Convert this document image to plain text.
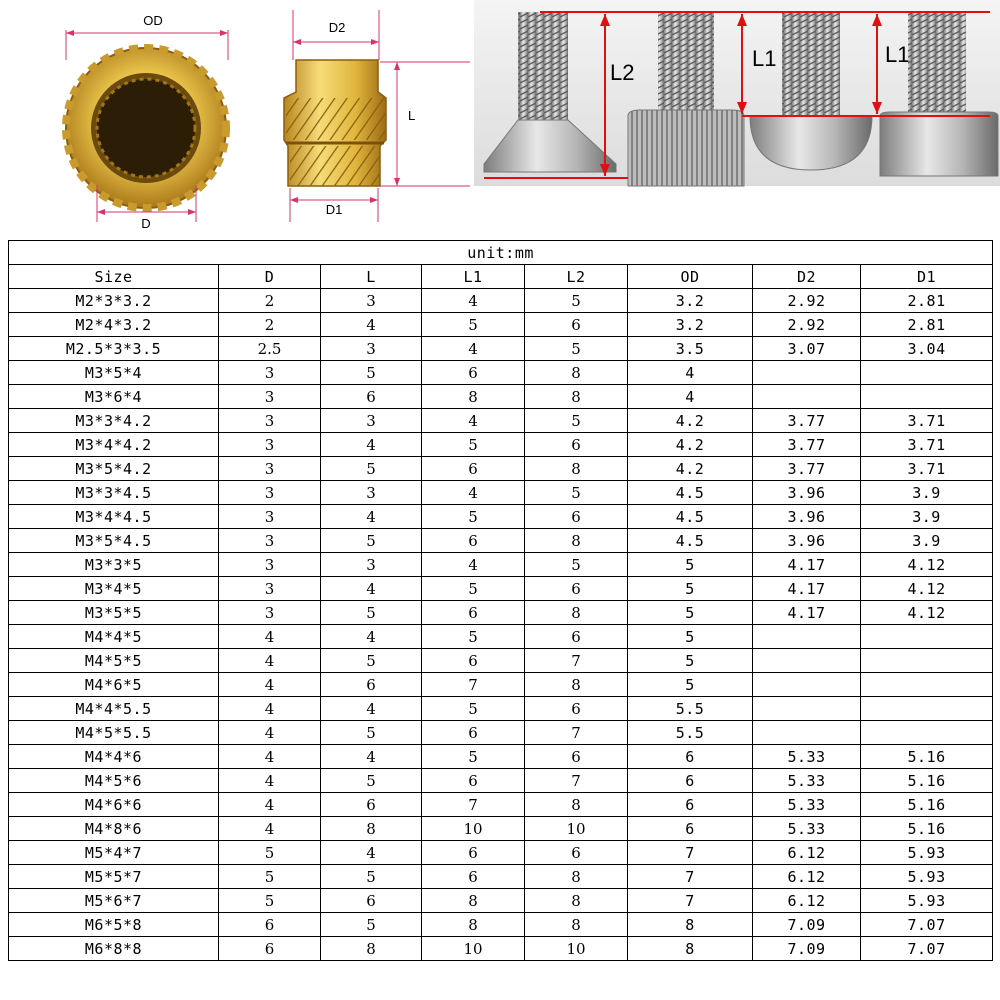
OD
D
D2
L
D1
L2
L1	L1
unit:mm							
Size	D	L	L1	L2	OD	D2	D1
M2*3*3.2	2	3	4	5	3.2	2.92	2.81
M2*4*3.2	2	4	5	6	3.2	2.92	2.81
M2.5*3*3.5	2.5	3	4	5	3.5	3.07	3.04
M3*5*4	3	5	6	8	4		
M3*6*4	3	6	8	8	4		
M3*3*4.2	3	3	4	5	4.2	3.77	3.71
M3*4*4.2	3	4	5	6	4.2	3.77	3.71
M3*5*4.2	3	5	6	8	4.2	3.77	3.71
M3*3*4.5	3	3	4	5	4.5	3.96	3.9
M3*4*4.5	3	4	5	6	4.5	3.96	3.9
M3*5*4.5	3	5	6	8	4.5	3.96	3.9
M3*3*5	3	3	4	5	5	4.17	4.12
M3*4*5	3	4	5	6	5	4.17	4.12
M3*5*5	3	5	6	8	5	4.17	4.12
M4*4*5	4	4	5	6	5		
M4*5*5	4	5	6	7	5		
M4*6*5	4	6	7	8	5		
M4*4*5.5	4	4	5	6	5.5		
M4*5*5.5	4	5	6	7	5.5		
M4*4*6	4	4	5	6	6	5.33	5.16
M4*5*6	4	5	6	7	6	5.33	5.16
M4*6*6	4	6	7	8	6	5.33	5.16
M4*8*6	4	8	10	10	6	5.33	5.16
M5*4*7	5	4	6	6	7	6.12	5.93
M5*5*7	5	5	6	8	7	6.12	5.93
M5*6*7	5	6	8	8	7	6.12	5.93
M6*5*8	6	5	8	8	8	7.09	7.07
M6*8*8	6	8	10	10	8	7.09	7.07
